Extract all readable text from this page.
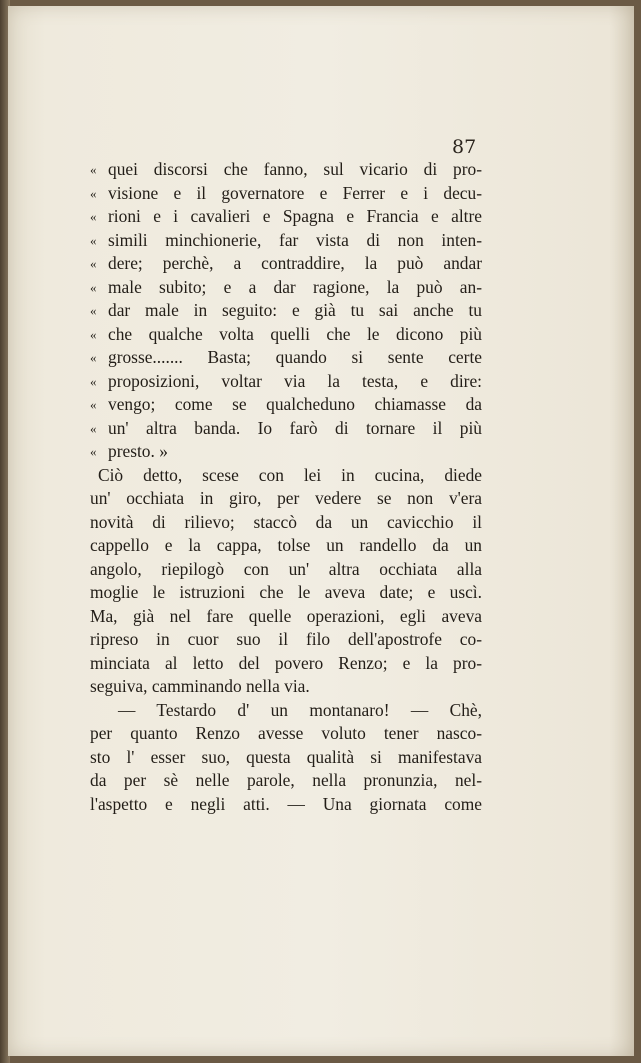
87
« quei discorsi che fanno, sul vicario di pro-
« visione e il governatore e Ferrer e i decu-
« rioni e i cavalieri e Spagna e Francia e altre
« simili minchionerie, far vista di non inten-
« dere; perchè, a contraddire, la può andar
« male subito; e a dar ragione, la può an-
« dar male in seguito: e già tu sai anche tu
« che qualche volta quelli che le dicono più
« grosse....... Basta; quando si sente certe
« proposizioni, voltar via la testa, e dire:
« vengo; come se qualcheduno chiamasse da
« un' altra banda. Io farò di tornare il più
« presto. »
Ciò detto, scese con lei in cucina, diede
un' occhiata in giro, per vedere se non v'era
novità di rilievo; staccò da un cavicchio il
cappello e la cappa, tolse un randello da un
angolo, riepilogò con un' altra occhiata alla
moglie le istruzioni che le aveva date; e uscì.
Ma, già nel fare quelle operazioni, egli aveva
ripreso in cuor suo il filo dell'apostrofe co-
minciata al letto del povero Renzo; e la pro-
seguiva, camminando nella via.
— Testardo d' un montanaro! — Chè,
per quanto Renzo avesse voluto tener nasco-
sto l' esser suo, questa qualità si manifestava
da per sè nelle parole, nella pronunzia, nel-
l'aspetto e negli atti. — Una giornata come
